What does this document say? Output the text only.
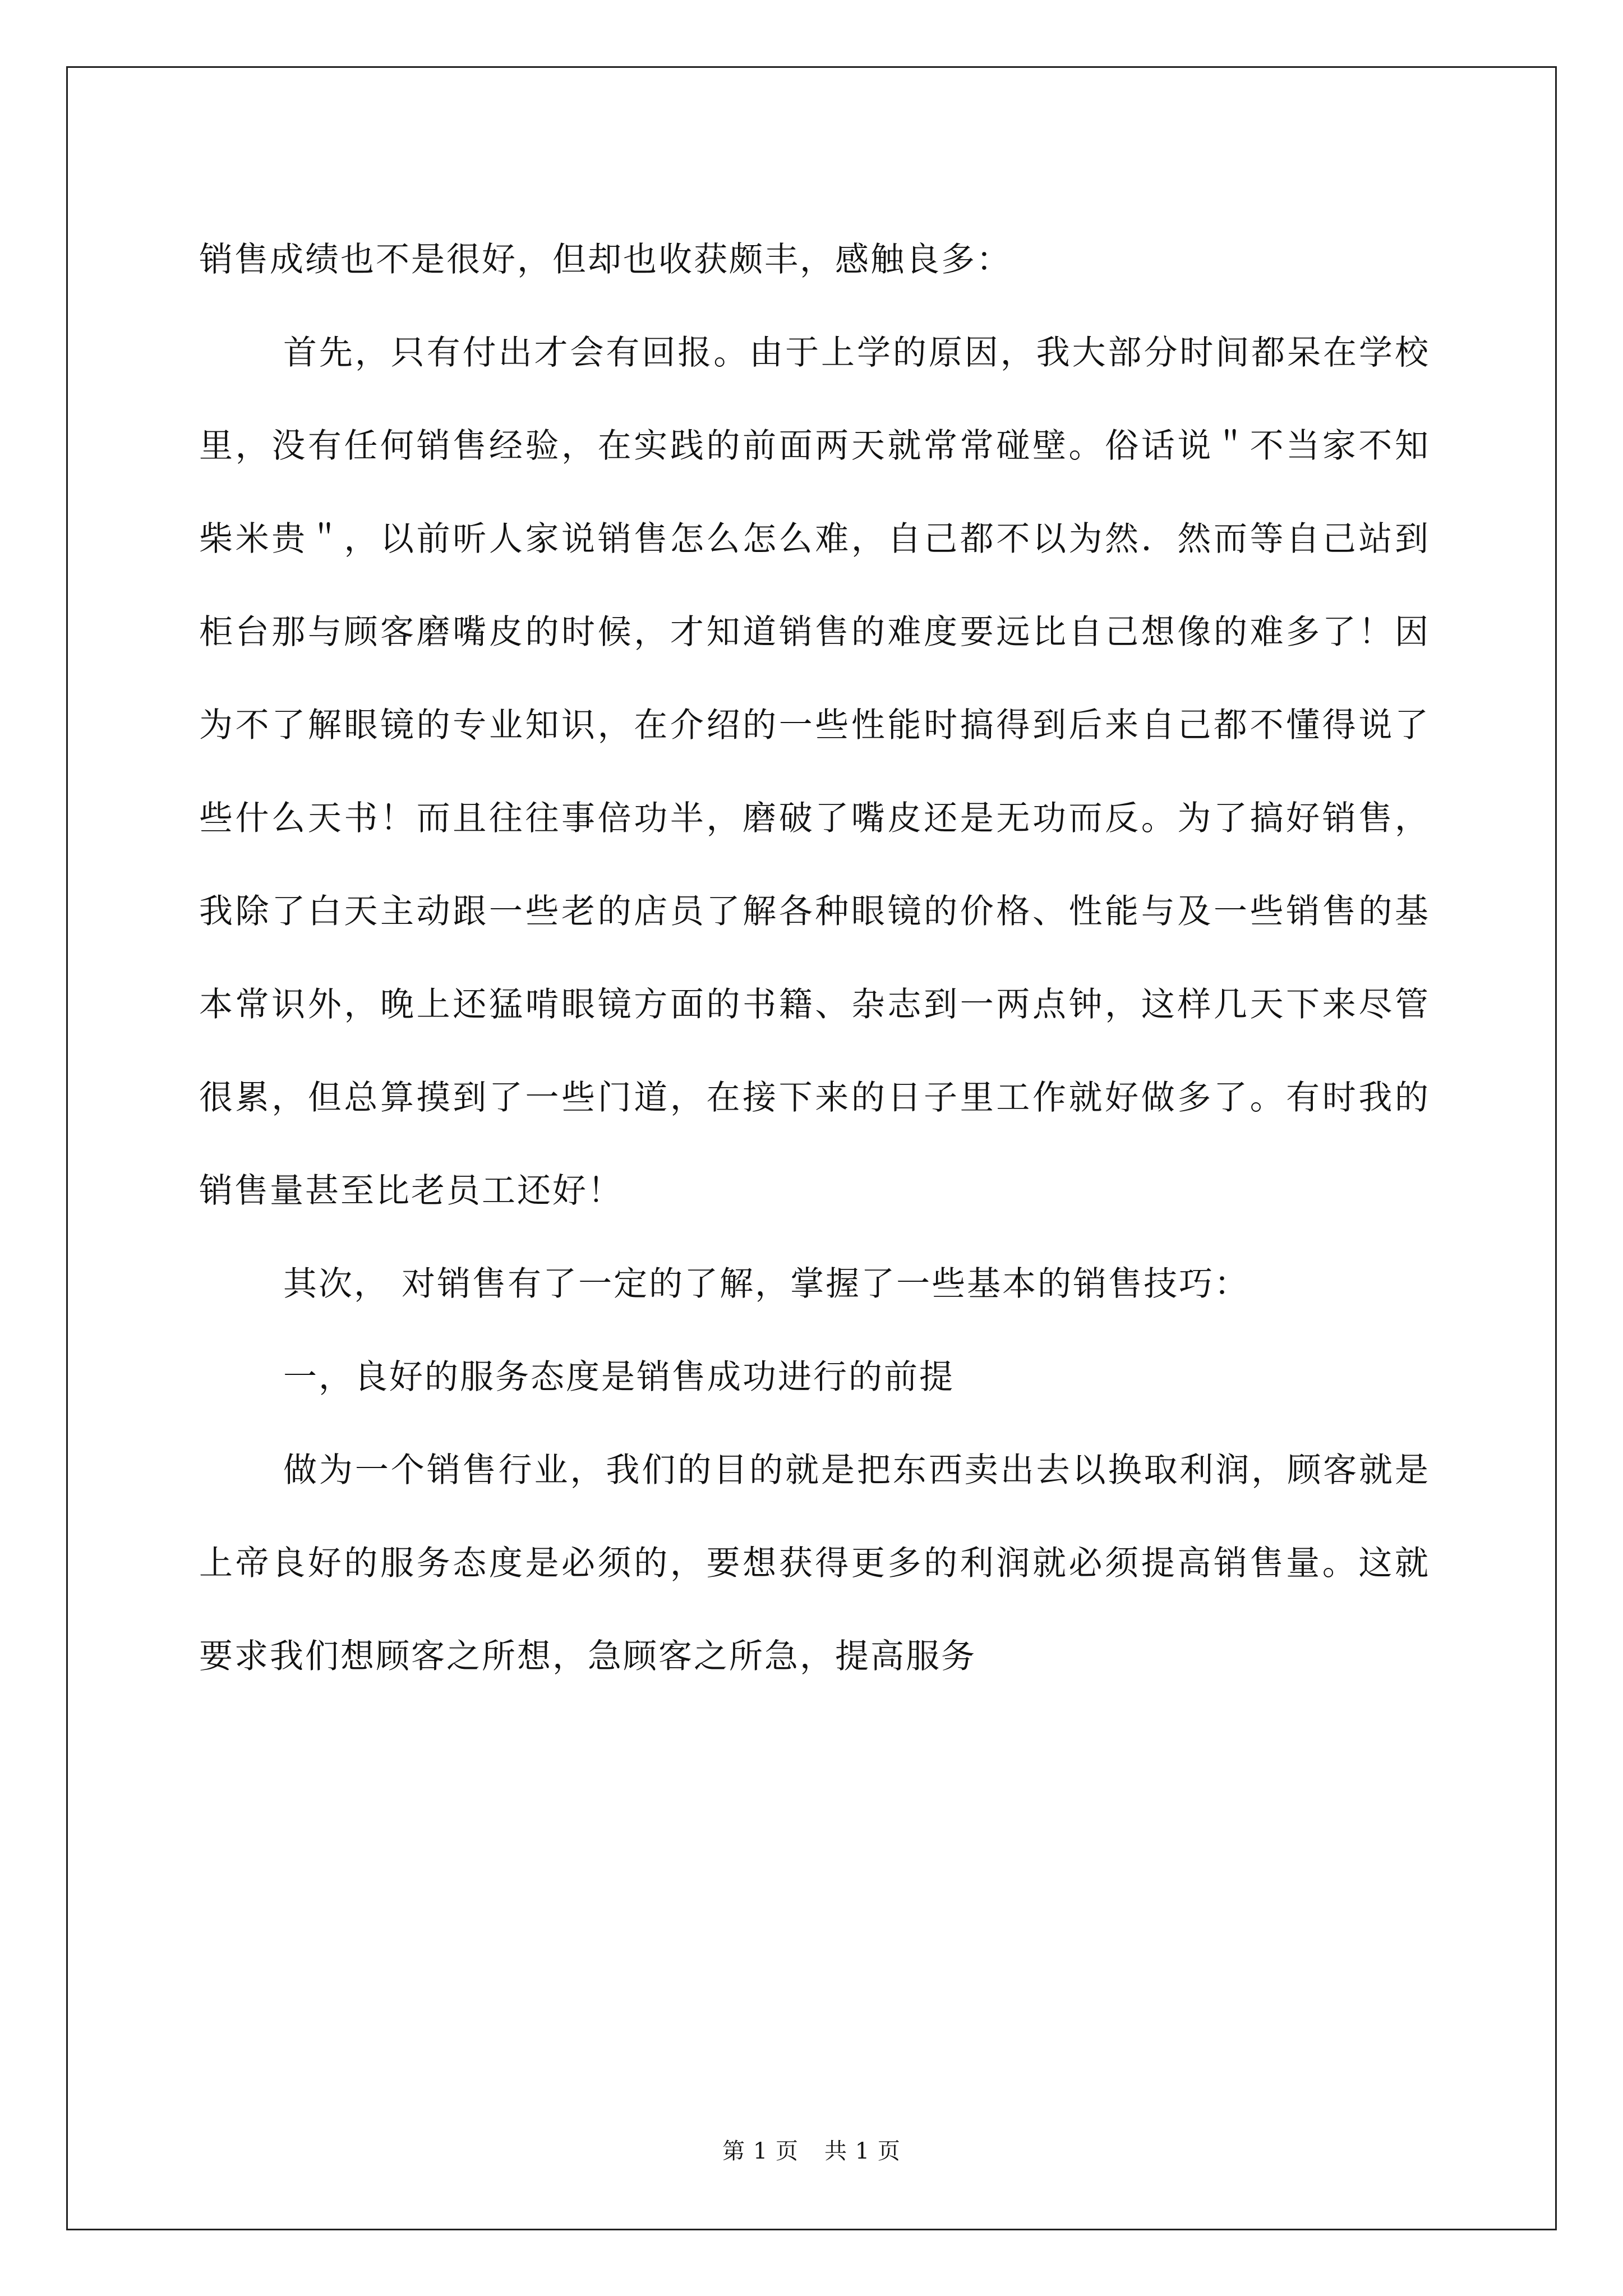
销售成绩也不是很好，但却也收获颇丰，感触良多：

首先，只有付出才会有回报。由于上学的原因，我大部分时间都呆在学校里，没有任何销售经验，在实践的前面两天就常常碰壁。俗话说＂不当家不知柴米贵＂，以前听人家说销售怎么怎么难，自己都不以为然．然而等自己站到柜台那与顾客磨嘴皮的时候，才知道销售的难度要远比自己想像的难多了！因为不了解眼镜的专业知识，在介绍的一些性能时搞得到后来自己都不懂得说了些什么天书！而且往往事倍功半，磨破了嘴皮还是无功而反。为了搞好销售，我除了白天主动跟一些老的店员了解各种眼镜的价格、性能与及一些销售的基本常识外，晚上还猛啃眼镜方面的书籍、杂志到一两点钟，这样几天下来尽管很累，但总算摸到了一些门道，在接下来的日子里工作就好做多了。有时我的销售量甚至比老员工还好！

其次， 对销售有了一定的了解，掌握了一些基本的销售技巧：

一，良好的服务态度是销售成功进行的前提

做为一个销售行业，我们的目的就是把东西卖出去以换取利润，顾客就是上帝良好的服务态度是必须的，要想获得更多的利润就必须提高销售量。这就要求我们想顾客之所想，急顾客之所急，提高服务

第 1 页 共 1 页
